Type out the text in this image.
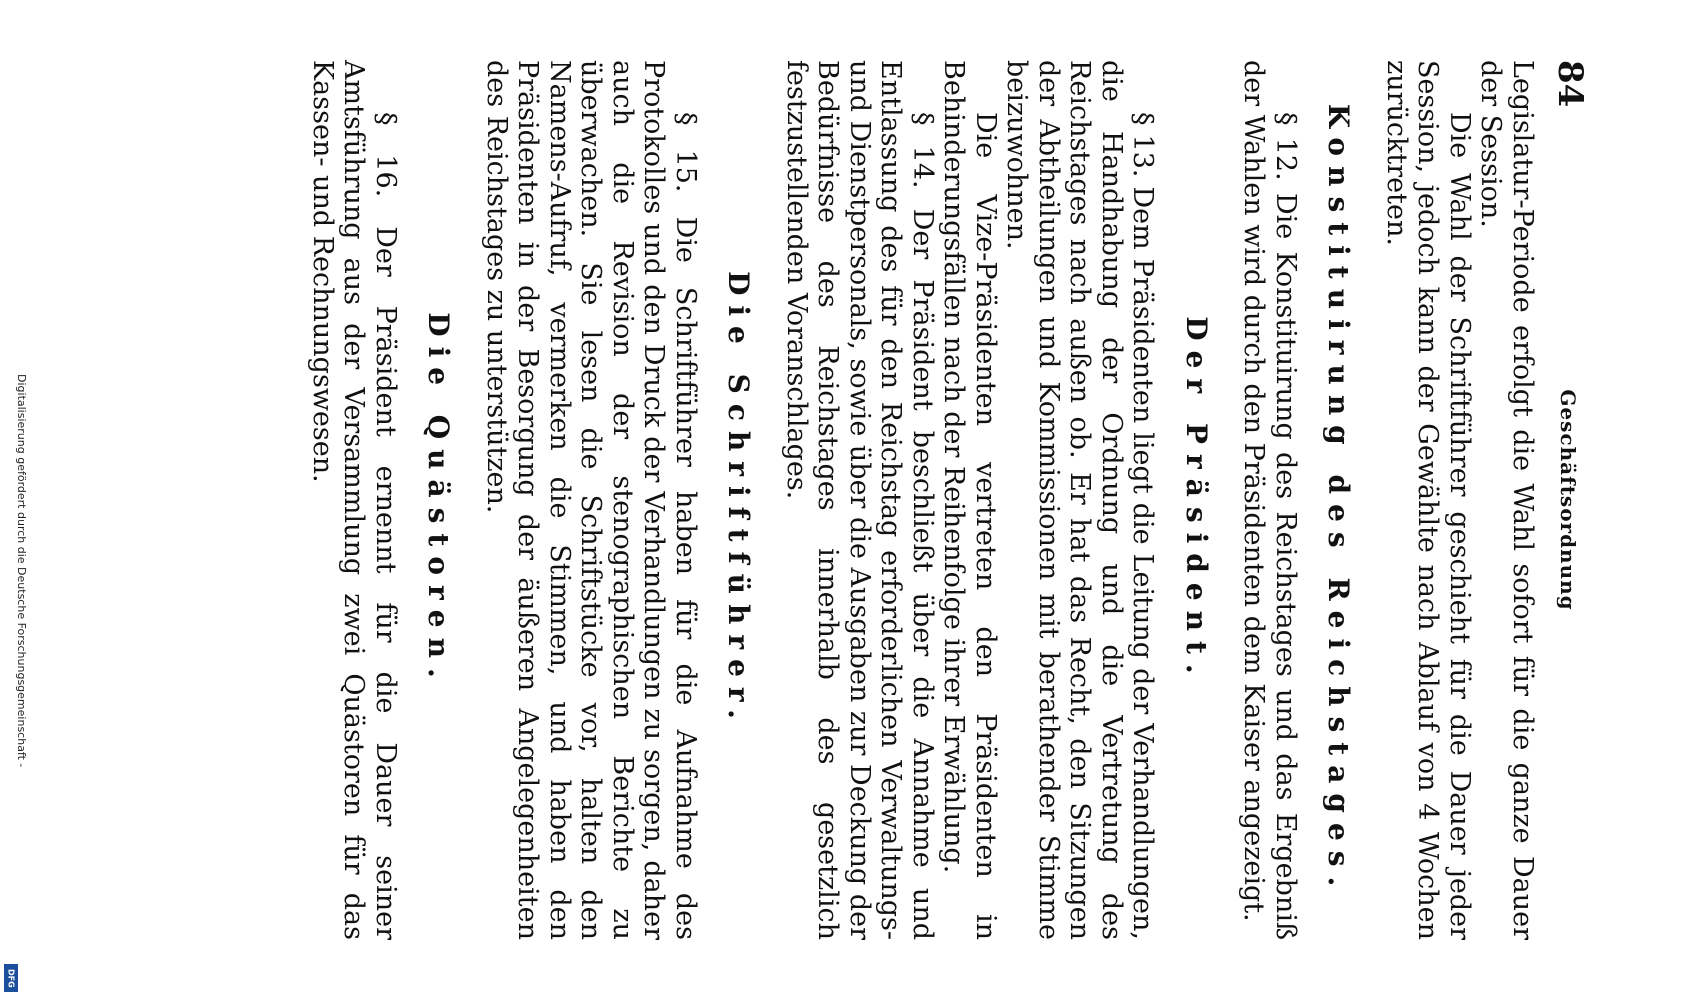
84
Geschäftsordnung

Legislatur-Periode erfolgt die Wahl sofort für die ganze Dauer der Session.

Die Wahl der Schriftführer geschieht für die Dauer jeder Session, jedoch kann der Gewählte nach Ablauf von 4 Wochen zurücktreten.

Konstituirung des Reichstages.

§ 12. Die Konstituirung des Reichstages und das Ergebniß der Wahlen wird durch den Präsidenten dem Kaiser angezeigt.

Der Präsident.

§ 13. Dem Präsidenten liegt die Leitung der Verhandlungen, die Handhabung der Ordnung und die Vertretung des Reichstages nach außen ob. Er hat das Recht, den Sitzungen der Abtheilungen und Kommissionen mit berathender Stimme beizuwohnen.

Die Vize-Präsidenten vertreten den Präsidenten in Behinderungsfällen nach der Reihenfolge ihrer Erwählung.

§ 14. Der Präsident beschließt über die Annahme und Entlassung des für den Reichstag erforderlichen Verwaltungs- und Dienstpersonals, sowie über die Ausgaben zur Deckung der Bedürfnisse des Reichstages innerhalb des gesetzlich festzustellenden Voranschlages.

Die Schriftführer.

§ 15. Die Schriftführer haben für die Aufnahme des Protokolles und den Druck der Verhandlungen zu sorgen, daher auch die Revision der stenographischen Berichte zu überwachen. Sie lesen die Schriftstücke vor, halten den Namens-Aufruf, vermerken die Stimmen, und haben den Präsidenten in der Besorgung der äußeren Angelegenheiten des Reichstages zu unterstützen.

Die Quästoren.

§ 16. Der Präsident ernennt für die Dauer seiner Amtsführung aus der Versammlung zwei Quästoren für das Kassen- und Rechnungswesen.

Digitalisierung gefördert durch die Deutsche Forschungsgemeinschaft -
DFG
